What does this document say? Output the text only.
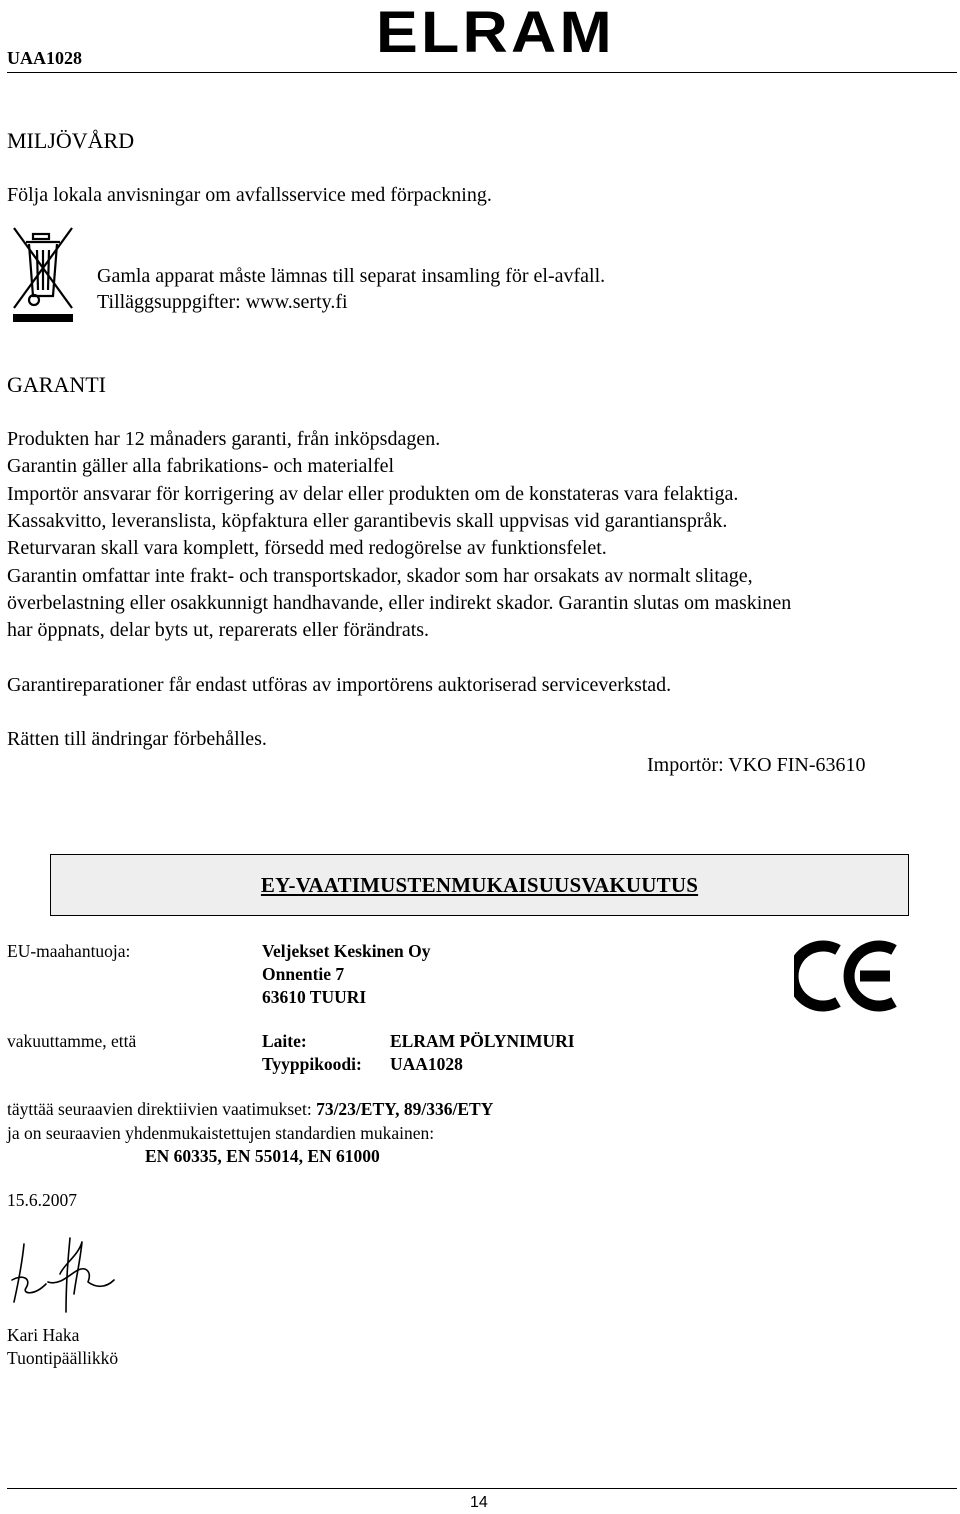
UAA1028	ELRAM
MILJÖVÅRD
Följa lokala anvisningar om avfallsservice med förpackning.
Gamla apparat måste lämnas till separat insamling för el-avfall.
Tilläggsuppgifter: www.serty.fi
GARANTI
Produkten har 12 månaders garanti, från inköpsdagen.
Garantin gäller alla fabrikations- och materialfel
Importör ansvarar för korrigering av delar eller produkten om de konstateras vara felaktiga.
Kassakvitto, leveranslista, köpfaktura eller garantibevis skall uppvisas vid garantianspråk.
Returvaran skall vara komplett, försedd med redogörelse av funktionsfelet.
Garantin omfattar inte frakt- och transportskador, skador som har orsakats av normalt slitage,
överbelastning eller osakkunnigt handhavande, eller indirekt skador. Garantin slutas om maskinen
har öppnats, delar byts ut, reparerats eller förändrats.
Garantireparationer får endast utföras av importörens auktoriserad serviceverkstad.
Rätten till ändringar förbehålles.
Importör: VKO FIN-63610
EY-VAATIMUSTENMUKAISUUSVAKUUTUS
EU-maahantuoja:	Veljekset Keskinen Oy
Onnentie 7
63610 TUURI
vakuuttamme, että	Laite:	ELRAM PÖLYNIMURI
Tyyppikoodi: UAA1028
täyttää seuraavien direktiivien vaatimukset: 73/23/ETY, 89/336/ETY
ja on seuraavien yhdenmukaistettujen standardien mukainen:
EN 60335, EN 55014, EN 61000
15.6.2007
Kari Haka
Tuontipäällikkö
14
